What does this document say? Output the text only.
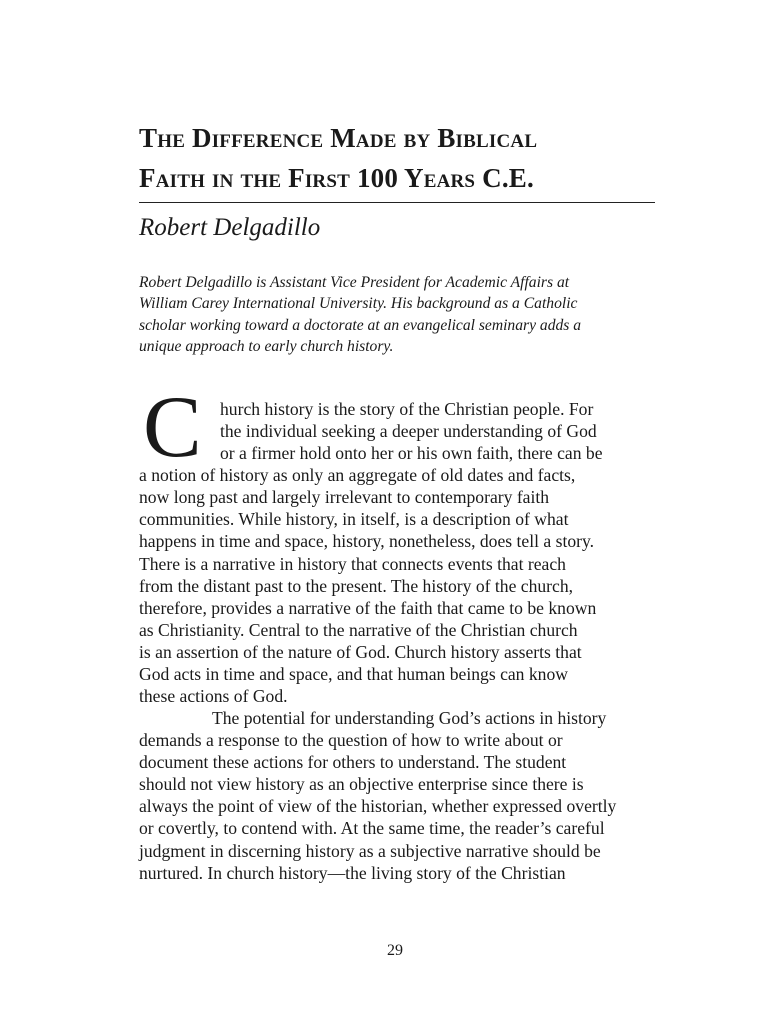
The Difference Made by Biblical
Faith in the First 100 Years C.E.
Robert Delgadillo
Robert Delgadillo is Assistant Vice President for Academic Affairs at
William Carey International University. His background as a Catholic
scholar working toward a doctorate at an evangelical seminary adds a
unique approach to early church history.
C	hurch history is the story of the Christian people. For
the individual seeking a deeper understanding of God
or a firmer hold onto her or his own faith, there can be
a notion of history as only an aggregate of old dates and facts,
now long past and largely irrelevant to contemporary faith
communities. While history, in itself, is a description of what
happens in time and space, history, nonetheless, does tell a story.
There is a narrative in history that connects events that reach
from the distant past to the present. The history of the church,
therefore, provides a narrative of the faith that came to be known
as Christianity. Central to the narrative of the Christian church
is an assertion of the nature of God. Church history asserts that
God acts in time and space, and that human beings can know
these actions of God.
The potential for understanding God’s actions in history
demands a response to the question of how to write about or
document these actions for others to understand. The student
should not view history as an objective enterprise since there is
always the point of view of the historian, whether expressed overtly
or covertly, to contend with. At the same time, the reader’s careful
judgment in discerning history as a subjective narrative should be
nurtured. In church history—the living story of the Christian
29
